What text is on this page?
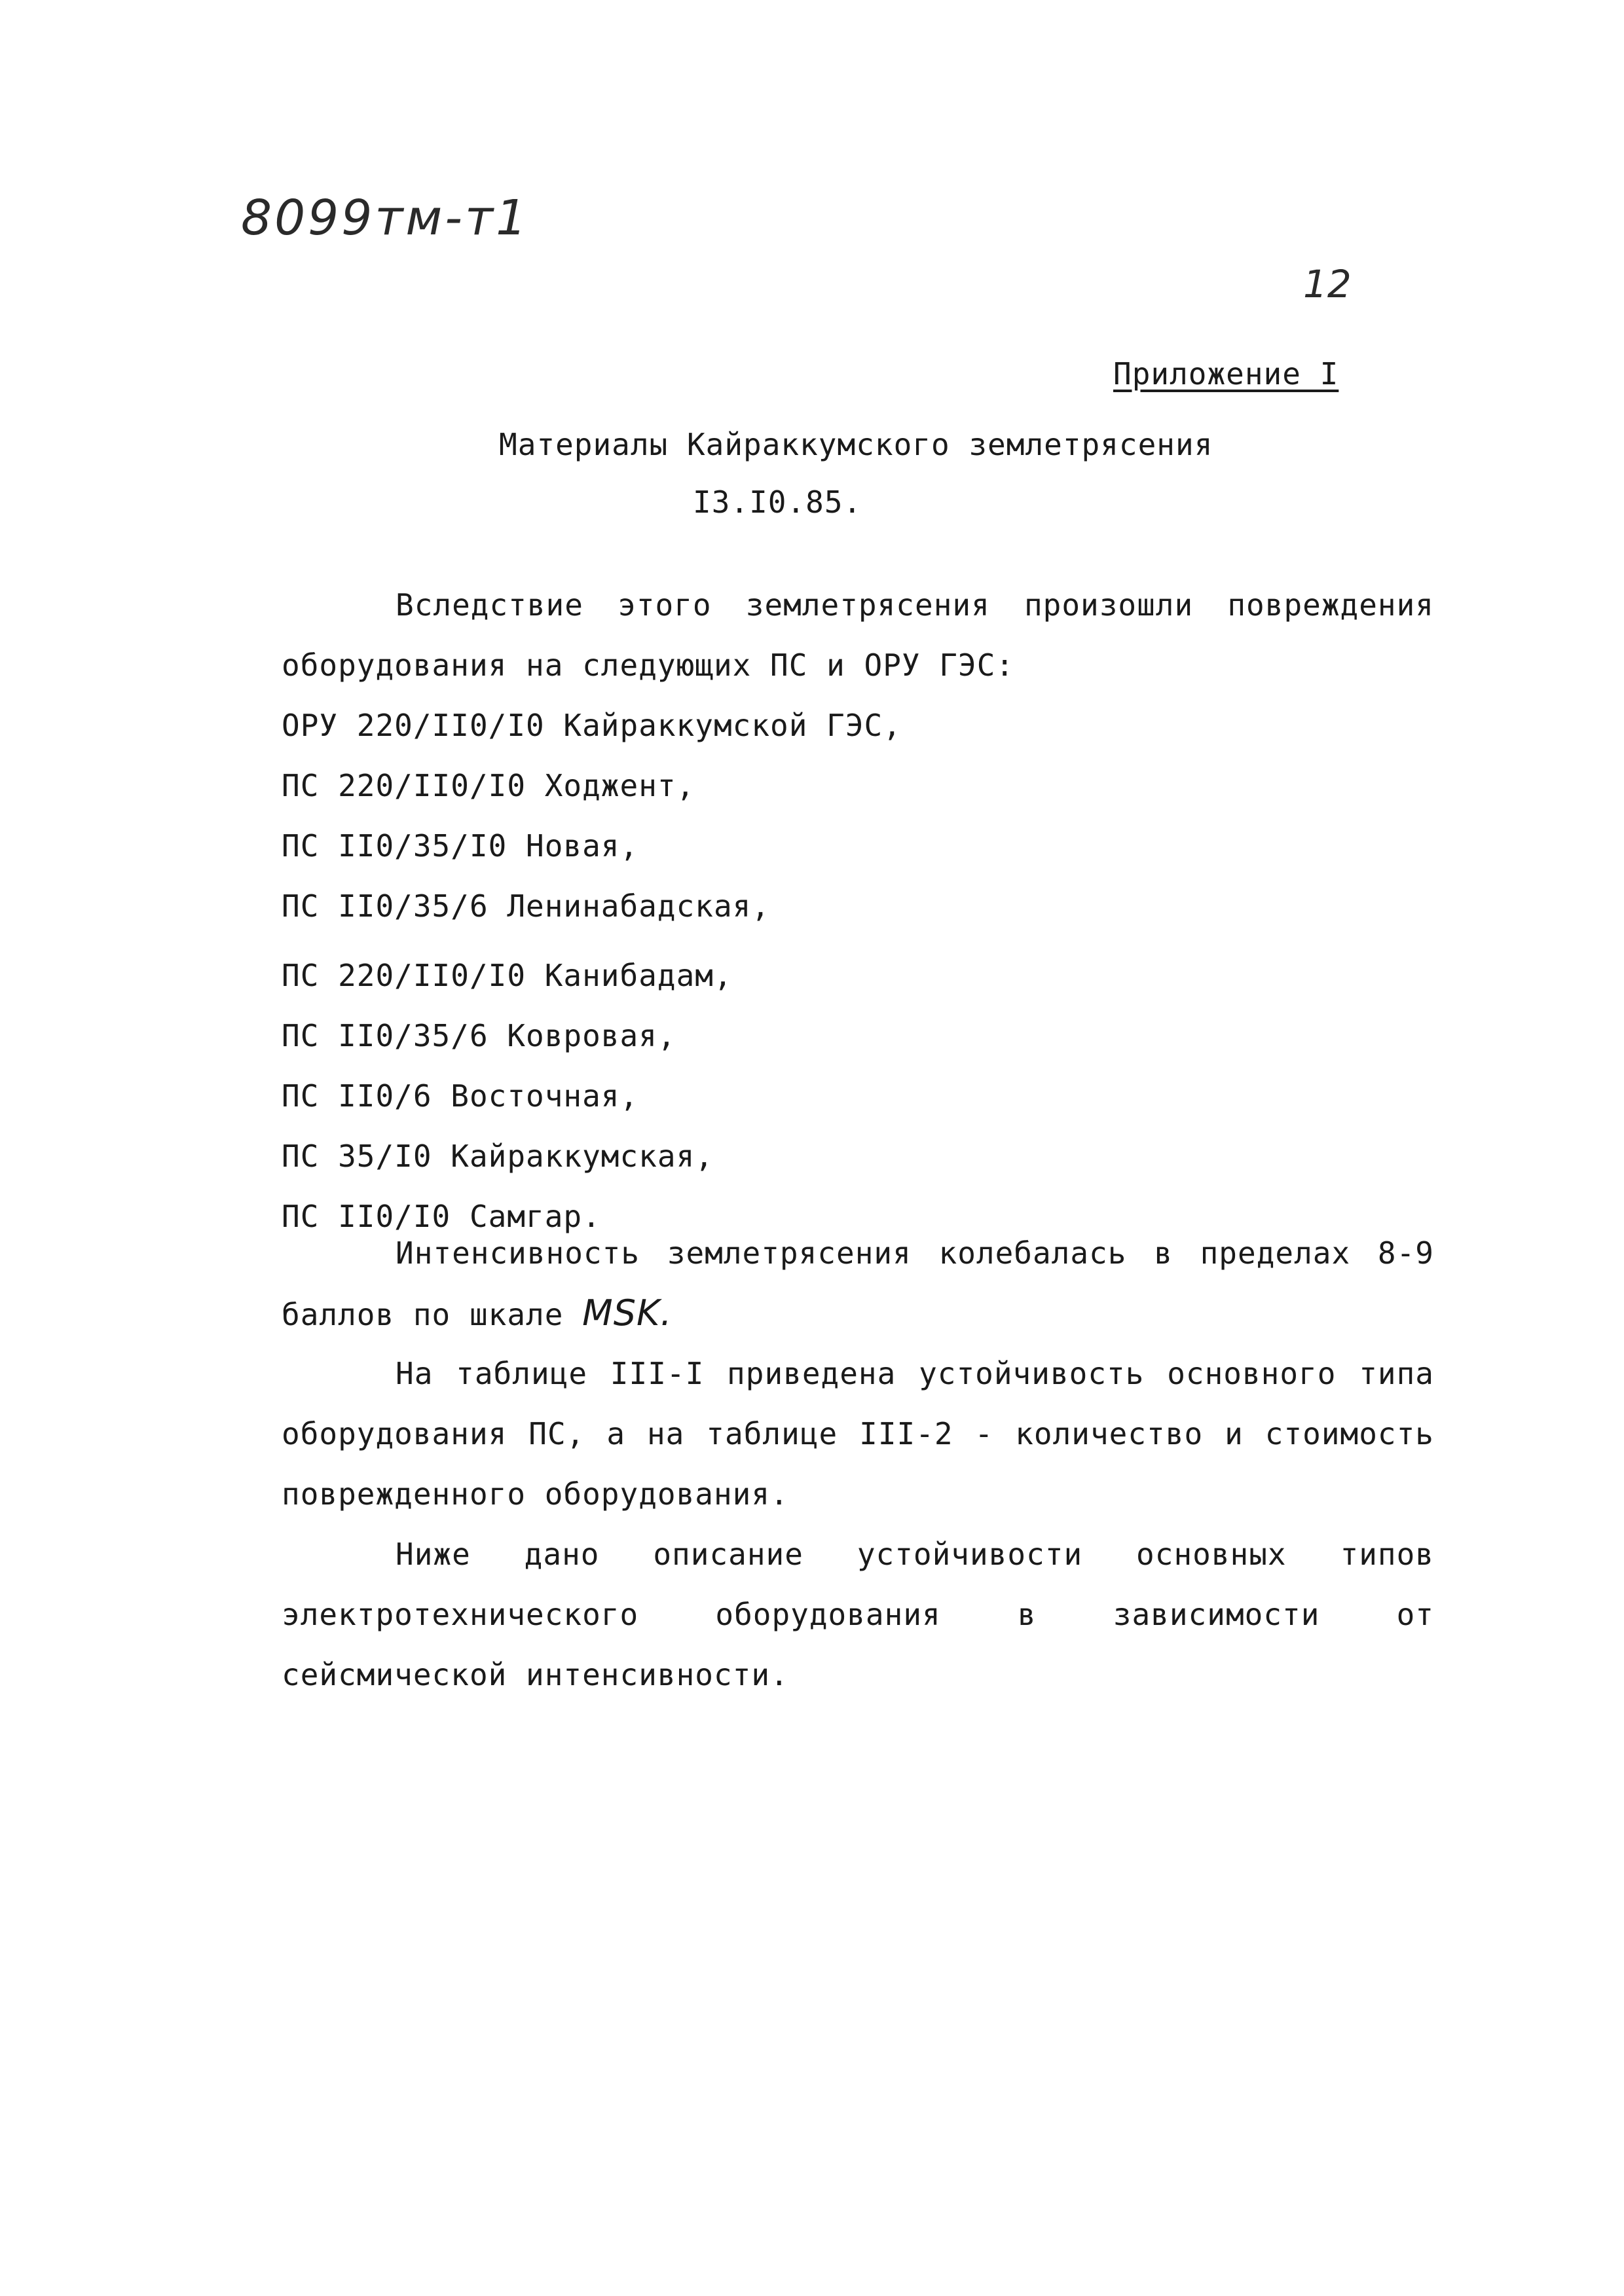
8099тм-т1
12
Приложение I
Материалы Кайраккумского землетрясения
I3.I0.85.
Вследствие этого землетрясения произошли повреждения оборудования на следующих ПС и ОРУ ГЭС:
ОРУ 220/II0/I0 Кайраккумской ГЭС,
ПС 220/II0/I0 Ходжент,
ПС II0/35/I0 Новая,
ПС II0/35/6 Ленинабадская,
ПС 220/II0/I0 Канибадам,
ПС II0/35/6 Ковровая,
ПС II0/6 Восточная,
ПС 35/I0 Кайраккумская,
ПС II0/I0 Самгар.
Интенсивность землетрясения колебалась в пределах 8-9 баллов по шкале MSK.
На таблице III-I приведена устойчивость основного типа оборудования ПС, а на таблице III-2 - количество и стоимость поврежденного оборудования.
Ниже дано описание устойчивости основных типов электротехнического оборудования в зависимости от сейсмической интенсивности.
